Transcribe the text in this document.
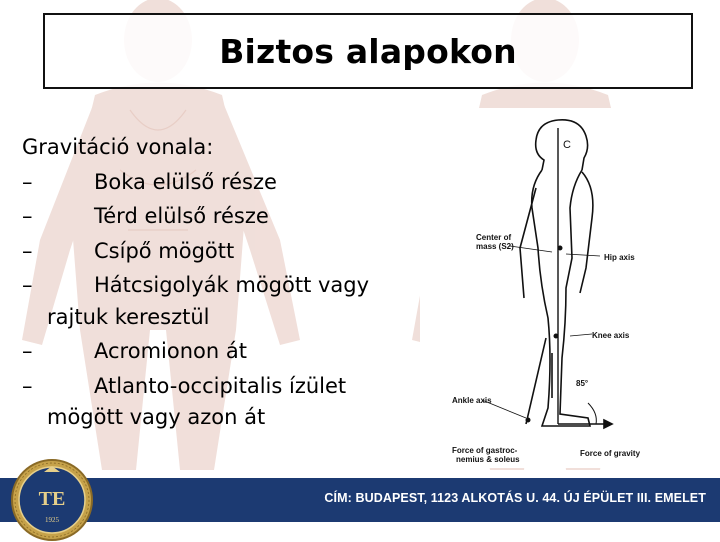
Biztos alapokon

Gravitáció vonala:

–	Boka elülső része
–	Térd elülső része
–	Csípő mögött
–	Hátcsigolyák mögött vagy
rajtuk keresztül
–	Acromionon át
–	Atlanto-occipitalis ízület
mögött vagy azon át
C
Center of
mass (S2)
Hip axis
Knee axis
85°
Ankle axis
Force of gastroc-
nemius & soleus
Force of gravity
CÍM: BUDAPEST, 1123 ALKOTÁS U. 44. ÚJ ÉPÜLET III. EMELET
TE
1925
